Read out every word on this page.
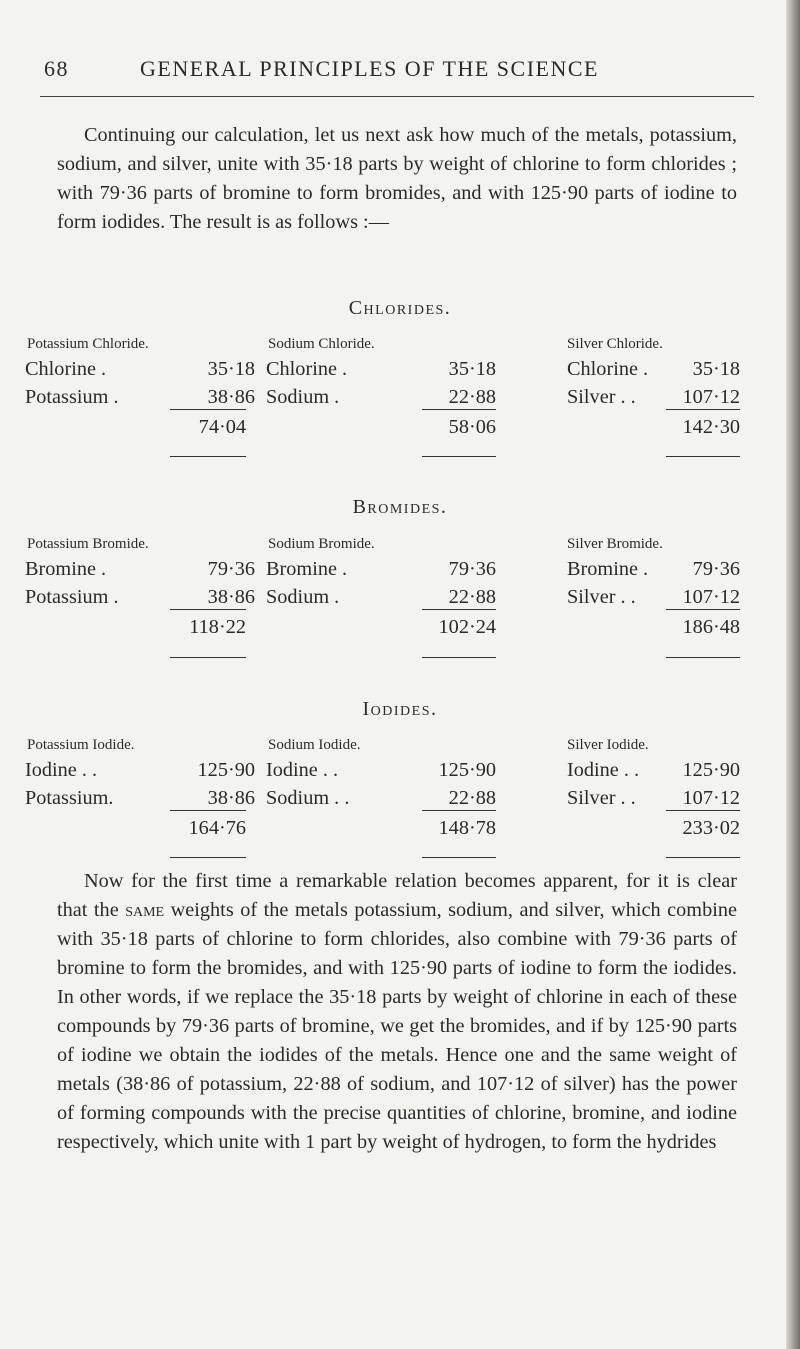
68	GENERAL PRINCIPLES OF THE SCIENCE

Continuing our calculation, let us next ask how much of the metals, potassium, sodium, and silver, unite with 35·18 parts by weight of chlorine to form chlorides ; with 79·36 parts of bromine to form bromides, and with 125·90 parts of iodine to form iodides. The result is as follows :—

Chlorides.
Potassium Chloride.
Chlorine .	35·18
Potassium .	38·86
74·04
Sodium Chloride.
Chlorine .	35·18
Sodium .	22·88
58·06
Silver Chloride.
Chlorine . 35·18
Silver . . 107·12
142·30
Bromides.
Potassium Bromide.
Bromine .	79·36
Potassium .	38·86
118·22
Sodium Bromide.
Bromine .	79·36
Sodium .	22·88
102·24
Silver Bromide.
Bromine . 79·36
Silver . . 107·12
186·48
Iodides.
Potassium Iodide.
Iodine . .	125·90
Potassium.	38·86
164·76
Sodium Iodide.
Iodine . .	125·90
Sodium . .	22·88
148·78
Silver Iodide.
Iodine . . 125·90
Silver . . 107·12
233·02

Now for the first time a remarkable relation becomes apparent, for it is clear that the same weights of the metals potassium, sodium, and silver, which combine with 35·18 parts of chlorine to form chlorides, also combine with 79·36 parts of bromine to form the bromides, and with 125·90 parts of iodine to form the iodides. In other words, if we replace the 35·18 parts by weight of chlorine in each of these compounds by 79·36 parts of bromine, we get the bromides, and if by 125·90 parts of iodine we obtain the iodides of the metals. Hence one and the same weight of metals (38·86 of potassium, 22·88 of sodium, and 107·12 of silver) has the power of forming compounds with the precise quantities of chlorine, bromine, and iodine respectively, which unite with 1 part by weight of hydrogen, to form the hydrides
